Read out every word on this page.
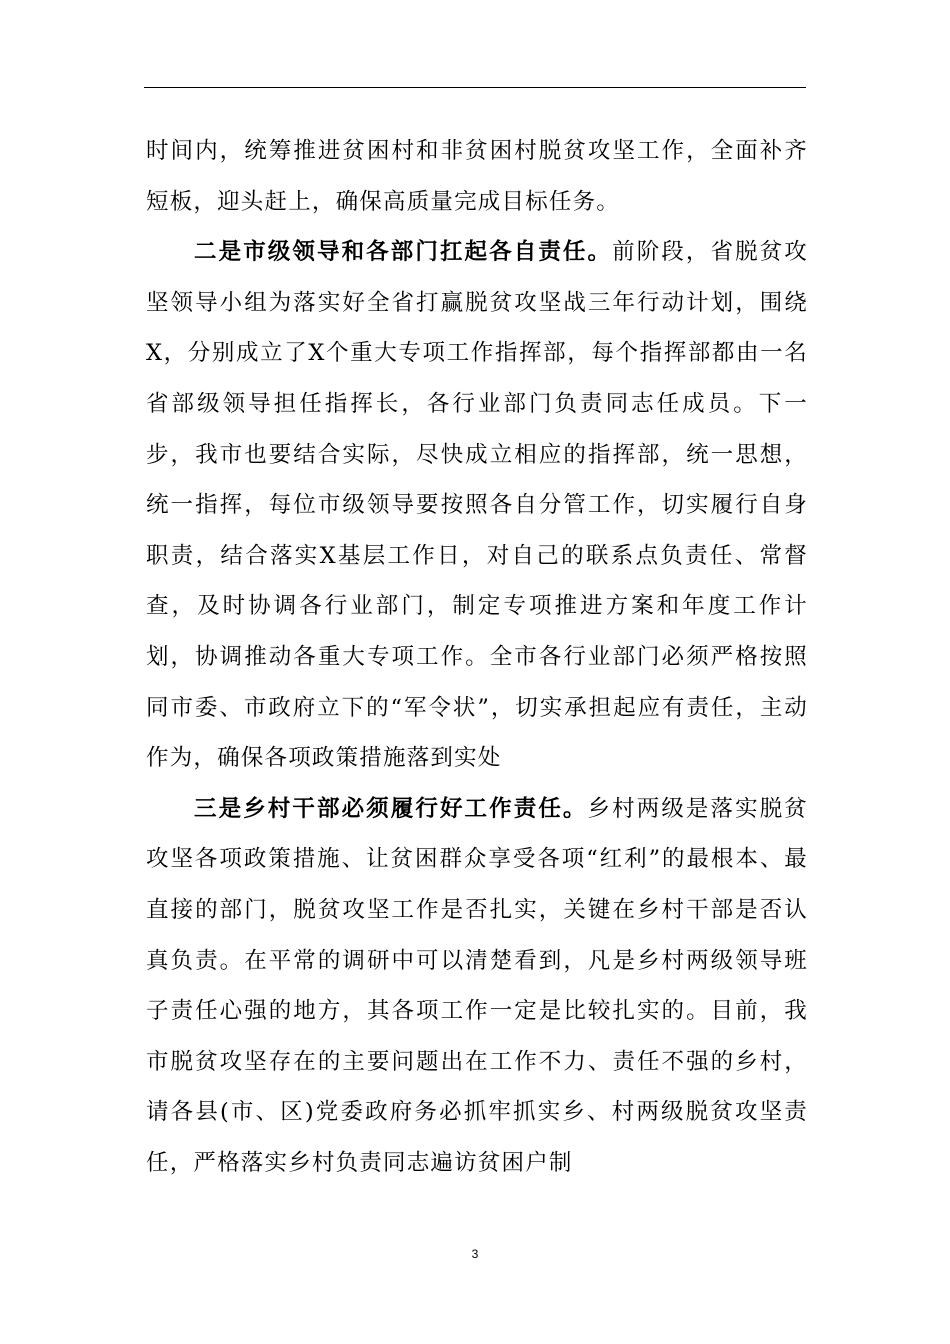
时间内，统筹推进贫困村和非贫困村脱贫攻坚工作，全面补齐短板，迎头赶上，确保高质量完成目标任务。

二是市级领导和各部门扛起各自责任。前阶段，省脱贫攻坚领导小组为落实好全省打赢脱贫攻坚战三年行动计划，围绕X，分别成立了X个重大专项工作指挥部，每个指挥部都由一名省部级领导担任指挥长，各行业部门负责同志任成员。下一步，我市也要结合实际，尽快成立相应的指挥部，统一思想，统一指挥，每位市级领导要按照各自分管工作，切实履行自身职责，结合落实X基层工作日，对自己的联系点负责任、常督查，及时协调各行业部门，制定专项推进方案和年度工作计划，协调推动各重大专项工作。全市各行业部门必须严格按照同市委、市政府立下的“军令状”，切实承担起应有责任，主动作为，确保各项政策措施落到实处

三是乡村干部必须履行好工作责任。乡村两级是落实脱贫攻坚各项政策措施、让贫困群众享受各项“红利”的最根本、最直接的部门，脱贫攻坚工作是否扎实，关键在乡村干部是否认真负责。在平常的调研中可以清楚看到，凡是乡村两级领导班子责任心强的地方，其各项工作一定是比较扎实的。目前，我市脱贫攻坚存在的主要问题出在工作不力、责任不强的乡村，请各县(市、区)党委政府务必抓牢抓实乡、村两级脱贫攻坚责任，严格落实乡村负责同志遍访贫困户制

3
